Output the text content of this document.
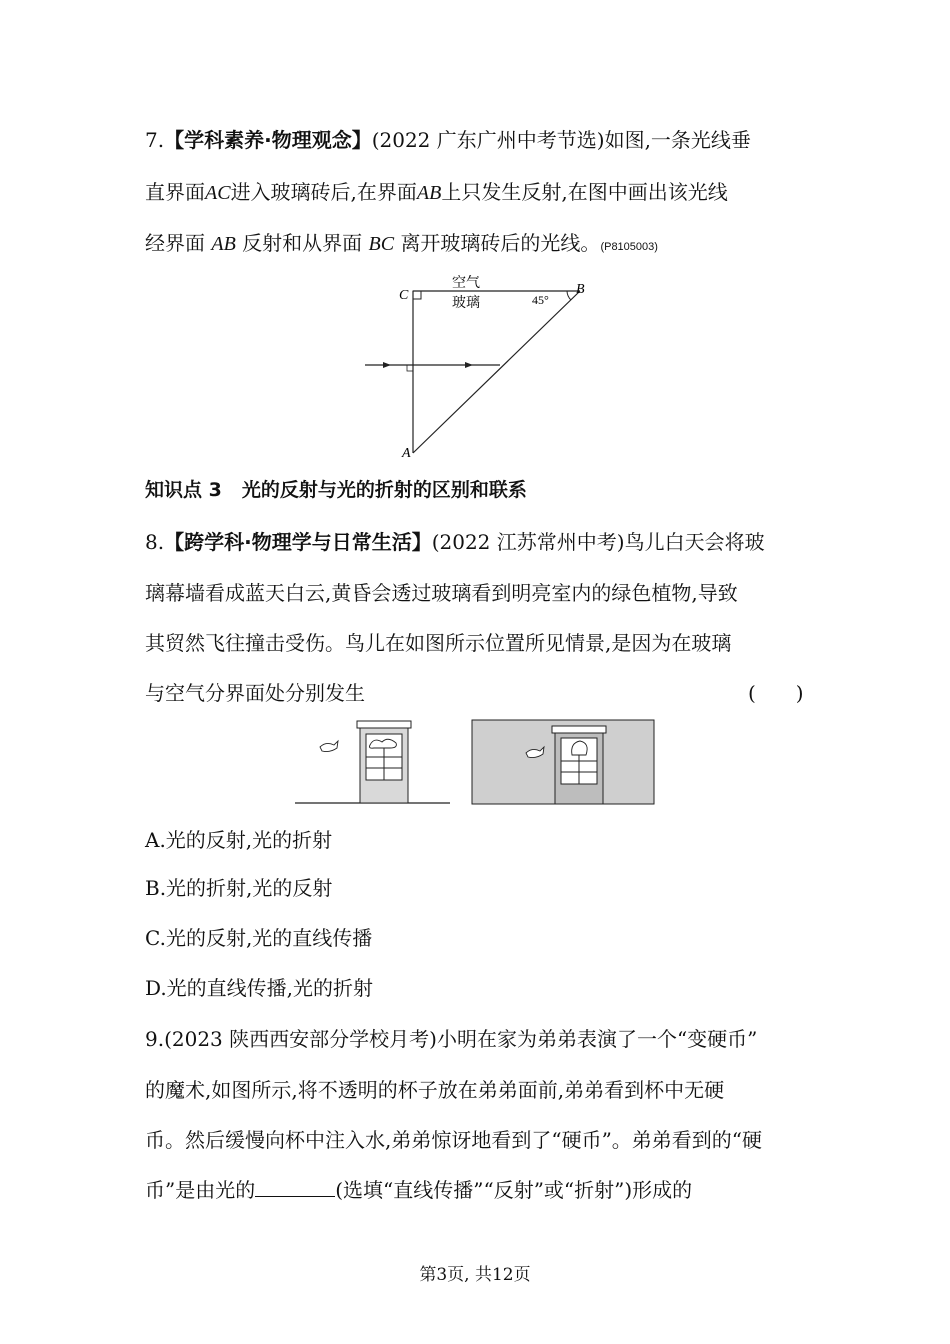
7.【学科素养·物理观念】(2022 广东广州中考节选)如图,一条光线垂
直界面AC进入玻璃砖后,在界面AB上只发生反射,在图中画出该光线
经界面 AB 反射和从界面 BC 离开玻璃砖后的光线。(P8105003)
C	B
A
空气
玻璃	45°
知识点 3 光的反射与光的折射的区别和联系
8.【跨学科·物理学与日常生活】(2022 江苏常州中考)鸟儿白天会将玻
璃幕墙看成蓝天白云,黄昏会透过玻璃看到明亮室内的绿色植物,导致
其贸然飞往撞击受伤。鸟儿在如图所示位置所见情景,是因为在玻璃
与空气分界面处分别发生	(　　)
A.光的反射,光的折射
B.光的折射,光的反射
C.光的反射,光的直线传播
D.光的直线传播,光的折射
9.(2023 陕西西安部分学校月考)小明在家为弟弟表演了一个“变硬币”
的魔术,如图所示,将不透明的杯子放在弟弟面前,弟弟看到杯中无硬
币。然后缓慢向杯中注入水,弟弟惊讶地看到了“硬币”。弟弟看到的“硬
币”是由光的	(选填“直线传播”“反射”或“折射”)形成的
第3页, 共12页
